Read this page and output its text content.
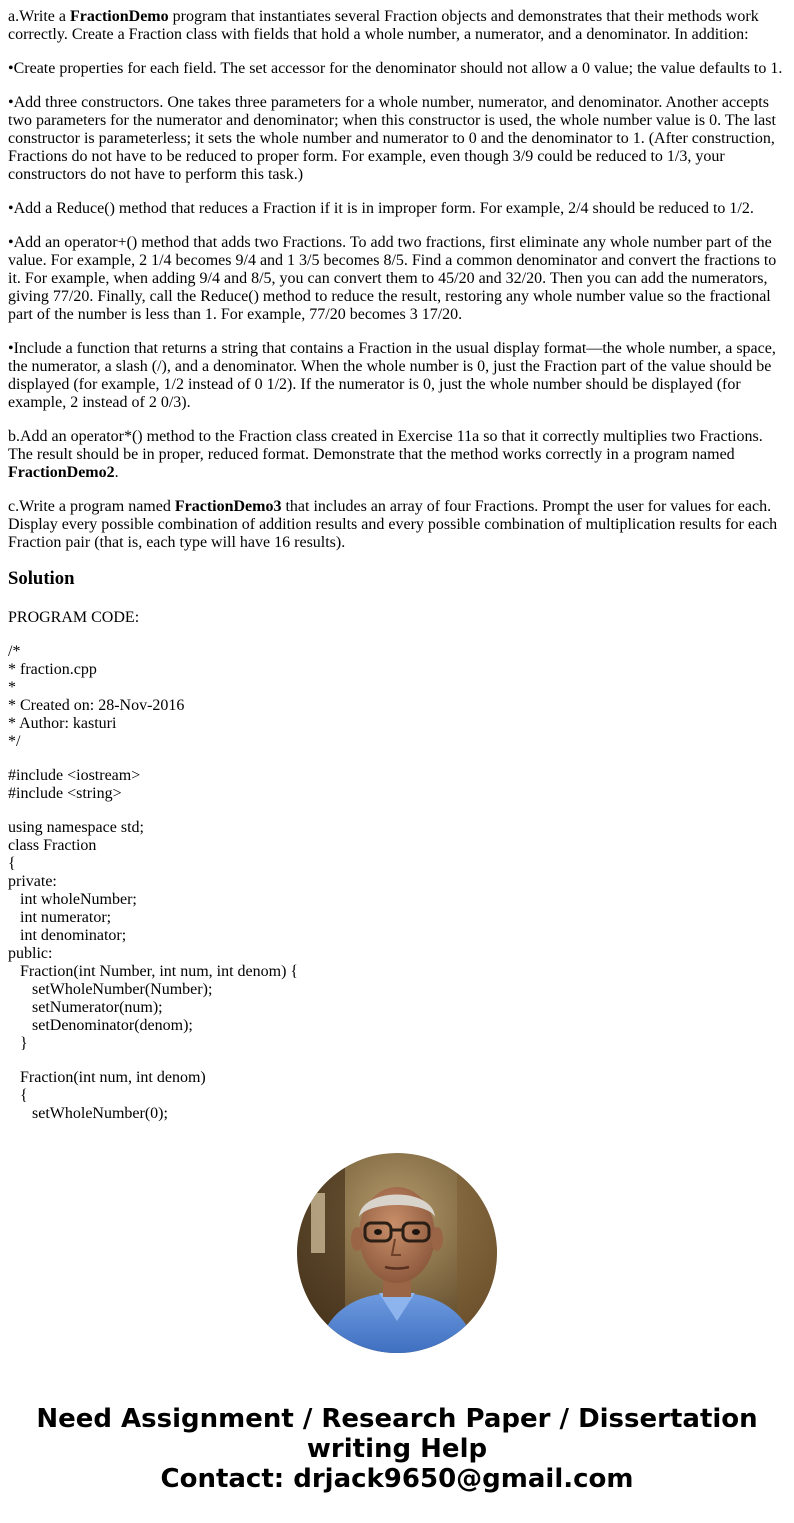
a.Write a FractionDemo program that instantiates several Fraction objects and demonstrates that their methods work correctly. Create a Fraction class with fields that hold a whole number, a numerator, and a denominator. In addition:

•Create properties for each field. The set accessor for the denominator should not allow a 0 value; the value defaults to 1.

•Add three constructors. One takes three parameters for a whole number, numerator, and denominator. Another accepts two parameters for the numerator and denominator; when this constructor is used, the whole number value is 0. The last constructor is parameterless; it sets the whole number and numerator to 0 and the denominator to 1. (After construction, Fractions do not have to be reduced to proper form. For example, even though 3/9 could be reduced to 1/3, your constructors do not have to perform this task.)

•Add a Reduce() method that reduces a Fraction if it is in improper form. For example, 2/4 should be reduced to 1/2.

•Add an operator+() method that adds two Fractions. To add two fractions, first eliminate any whole number part of the value. For example, 2 1/4 becomes 9/4 and 1 3/5 becomes 8/5. Find a common denominator and convert the fractions to it. For example, when adding 9/4 and 8/5, you can convert them to 45/20 and 32/20. Then you can add the numerators, giving 77/20. Finally, call the Reduce() method to reduce the result, restoring any whole number value so the fractional part of the number is less than 1. For example, 77/20 becomes 3 17/20.

•Include a function that returns a string that contains a Fraction in the usual display format—the whole number, a space, the numerator, a slash (/), and a denominator. When the whole number is 0, just the Fraction part of the value should be displayed (for example, 1/2 instead of 0 1/2). If the numerator is 0, just the whole number should be displayed (for example, 2 instead of 2 0/3).

b.Add an operator*() method to the Fraction class created in Exercise 11a so that it correctly multiplies two Fractions. The result should be in proper, reduced format. Demonstrate that the method works correctly in a program named FractionDemo2.

c.Write a program named FractionDemo3 that includes an array of four Fractions. Prompt the user for values for each. Display every possible combination of addition results and every possible combination of multiplication results for each Fraction pair (that is, each type will have 16 results).

Solution

PROGRAM CODE:

/*
* fraction.cpp
*
* Created on: 28-Nov-2016
* Author: kasturi
*/
#include <iostream>
#include <string>
using namespace std;
class Fraction
{
private:
int wholeNumber;
int numerator;
int denominator;
public:
Fraction(int Number, int num, int denom) {
setWholeNumber(Number);
setNumerator(num);
setDenominator(denom);
}
Fraction(int num, int denom)
{
setWholeNumber(0);
Need Assignment / Research Paper / Dissertation
writing Help
Contact: drjack9650@gmail.com
